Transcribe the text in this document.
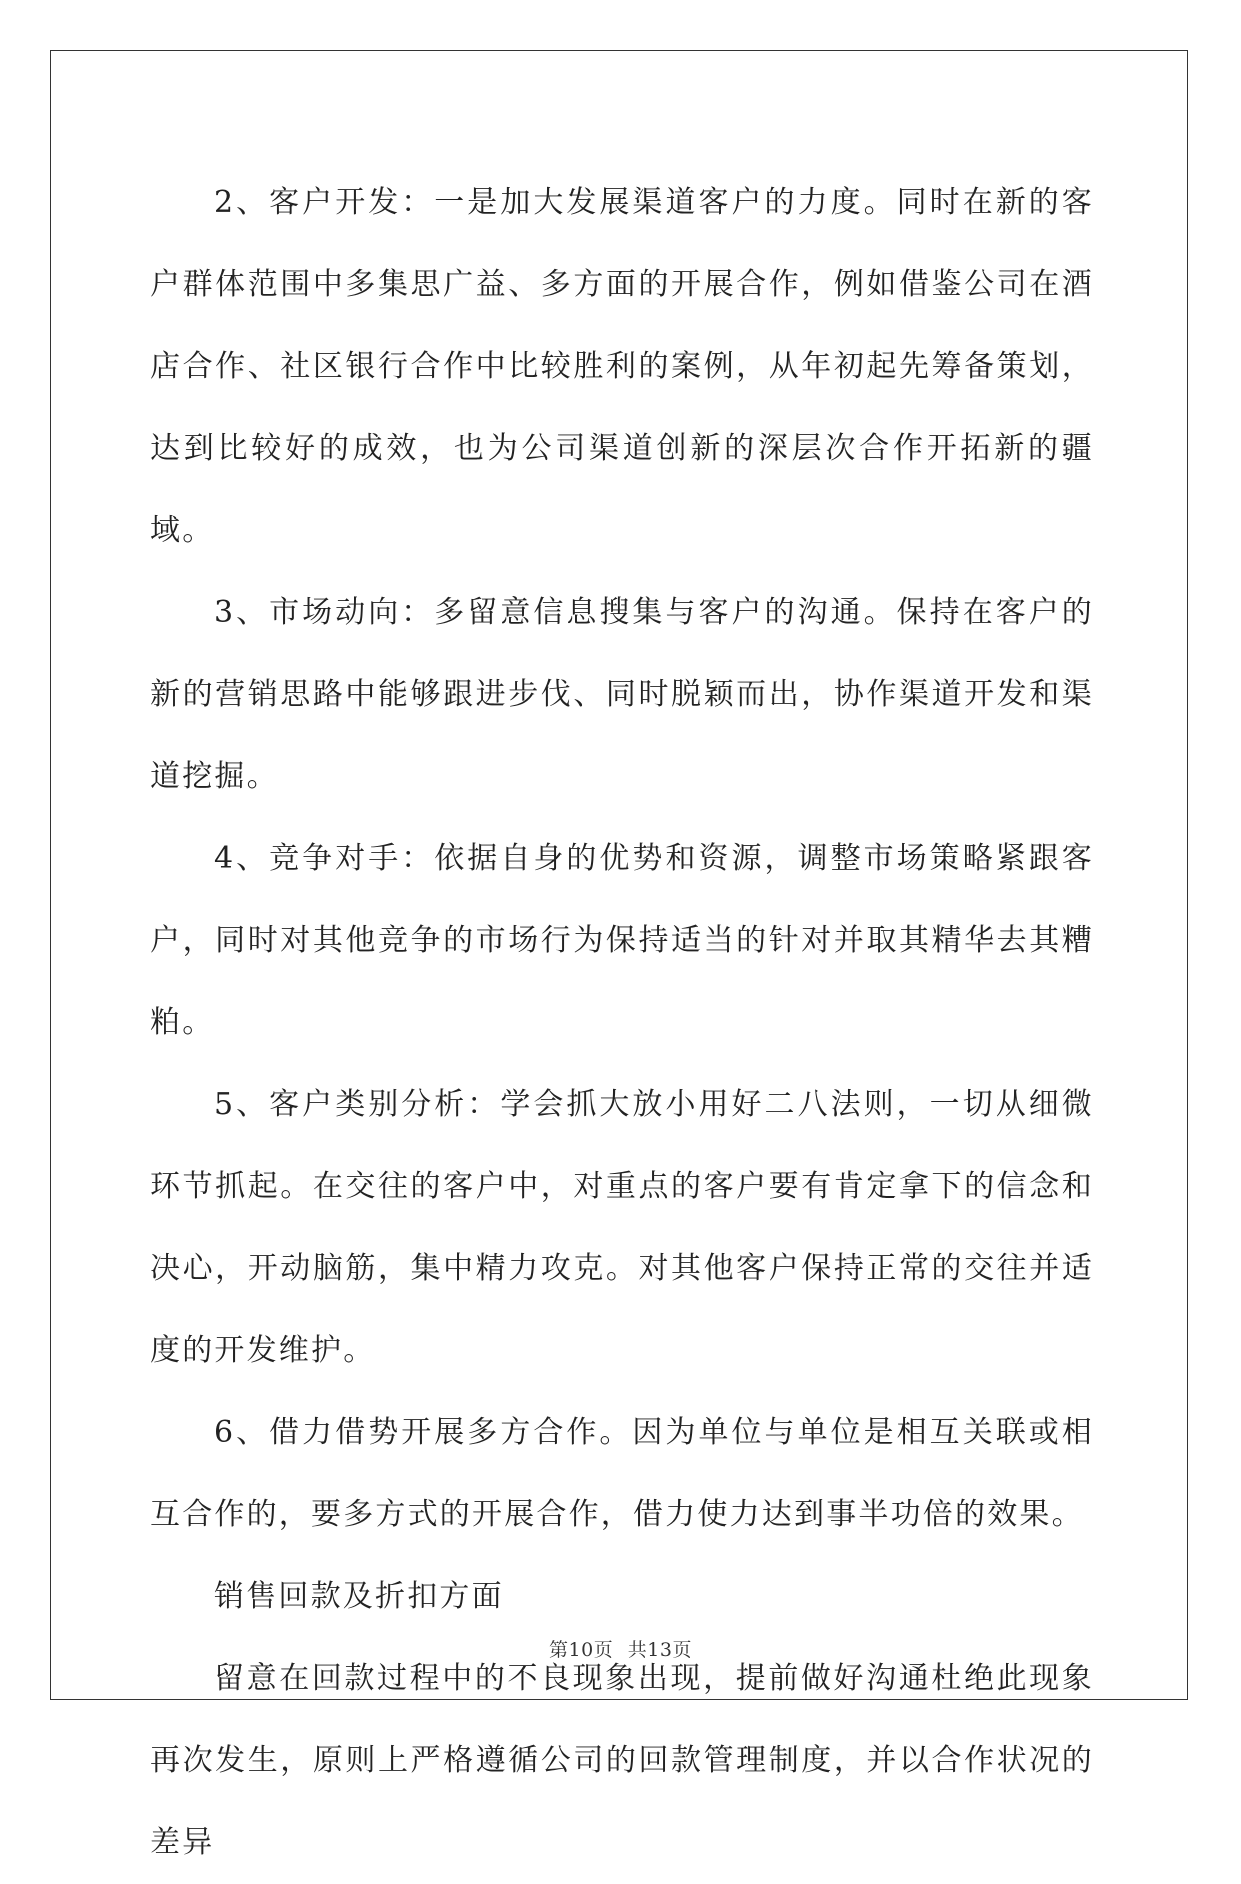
2、客户开发：一是加大发展渠道客户的力度。同时在新的客户群体范围中多集思广益、多方面的开展合作，例如借鉴公司在酒店合作、社区银行合作中比较胜利的案例，从年初起先筹备策划，达到比较好的成效，也为公司渠道创新的深层次合作开拓新的疆域。

3、市场动向：多留意信息搜集与客户的沟通。保持在客户的新的营销思路中能够跟进步伐、同时脱颖而出，协作渠道开发和渠道挖掘。

4、竞争对手：依据自身的优势和资源，调整市场策略紧跟客户，同时对其他竞争的市场行为保持适当的针对并取其精华去其糟粕。

5、客户类别分析：学会抓大放小用好二八法则，一切从细微环节抓起。在交往的客户中，对重点的客户要有肯定拿下的信念和决心，开动脑筋，集中精力攻克。对其他客户保持正常的交往并适度的开发维护。

6、借力借势开展多方合作。因为单位与单位是相互关联或相互合作的，要多方式的开展合作，借力使力达到事半功倍的效果。

销售回款及折扣方面

留意在回款过程中的不良现象出现，提前做好沟通杜绝此现象再次发生，原则上严格遵循公司的回款管理制度，并以合作状况的差异

第10页 共13页
